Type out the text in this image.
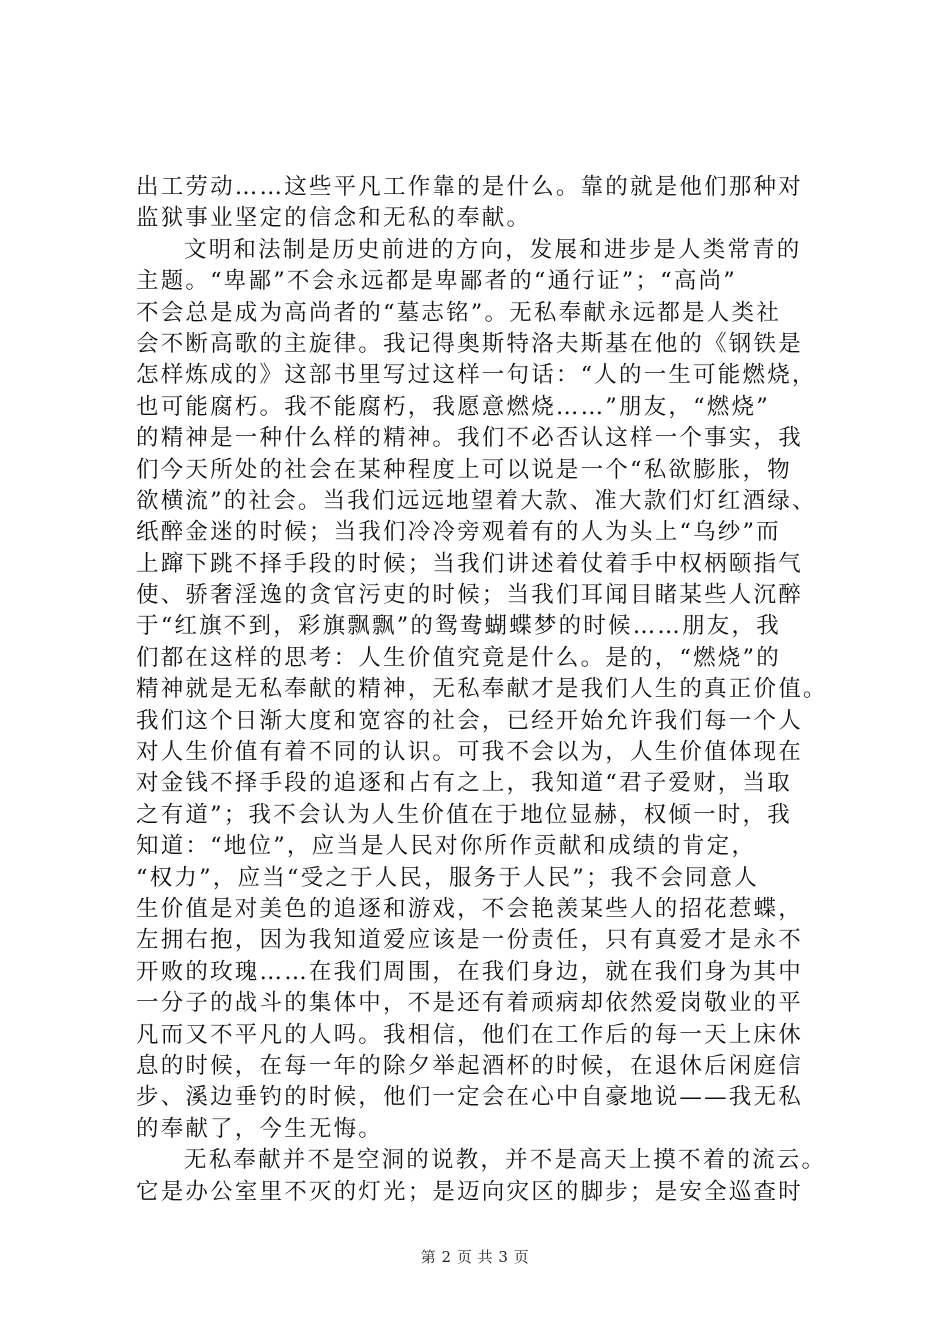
出工劳动……这些平凡工作靠的是什么。靠的就是他们那种对
监狱事业坚定的信念和无私的奉献。
文明和法制是历史前进的方向，发展和进步是人类常青的
主题。“卑鄙”不会永远都是卑鄙者的“通行证”；“高尚”
不会总是成为高尚者的“墓志铭”。无私奉献永远都是人类社
会不断高歌的主旋律。我记得奥斯特洛夫斯基在他的《钢铁是
怎样炼成的》这部书里写过这样一句话：“人的一生可能燃烧，
也可能腐朽。我不能腐朽，我愿意燃烧……”朋友，“燃烧”
的精神是一种什么样的精神。我们不必否认这样一个事实，我
们今天所处的社会在某种程度上可以说是一个“私欲膨胀，物
欲横流”的社会。当我们远远地望着大款、准大款们灯红酒绿、
纸醉金迷的时候；当我们冷冷旁观着有的人为头上“乌纱”而
上蹿下跳不择手段的时候；当我们讲述着仗着手中权柄颐指气
使、骄奢淫逸的贪官污吏的时候；当我们耳闻目睹某些人沉醉
于“红旗不到，彩旗飘飘”的鸳鸯蝴蝶梦的时候……朋友，我
们都在这样的思考：人生价值究竟是什么。是的，“燃烧”的
精神就是无私奉献的精神，无私奉献才是我们人生的真正价值。
我们这个日渐大度和宽容的社会，已经开始允许我们每一个人
对人生价值有着不同的认识。可我不会以为，人生价值体现在
对金钱不择手段的追逐和占有之上，我知道“君子爱财，当取
之有道”；我不会认为人生价值在于地位显赫，权倾一时，我
知道：“地位”，应当是人民对你所作贡献和成绩的肯定，
“权力”，应当“受之于人民，服务于人民”；我不会同意人
生价值是对美色的追逐和游戏，不会艳羡某些人的招花惹蝶，
左拥右抱，因为我知道爱应该是一份责任，只有真爱才是永不
开败的玫瑰……在我们周围，在我们身边，就在我们身为其中
一分子的战斗的集体中，不是还有着顽病却依然爱岗敬业的平
凡而又不平凡的人吗。我相信，他们在工作后的每一天上床休
息的时候，在每一年的除夕举起酒杯的时候，在退休后闲庭信
步、溪边垂钓的时候，他们一定会在心中自豪地说——我无私
的奉献了，今生无悔。
无私奉献并不是空洞的说教，并不是高天上摸不着的流云。
它是办公室里不灭的灯光；是迈向灾区的脚步；是安全巡查时
第 2 页 共 3 页
